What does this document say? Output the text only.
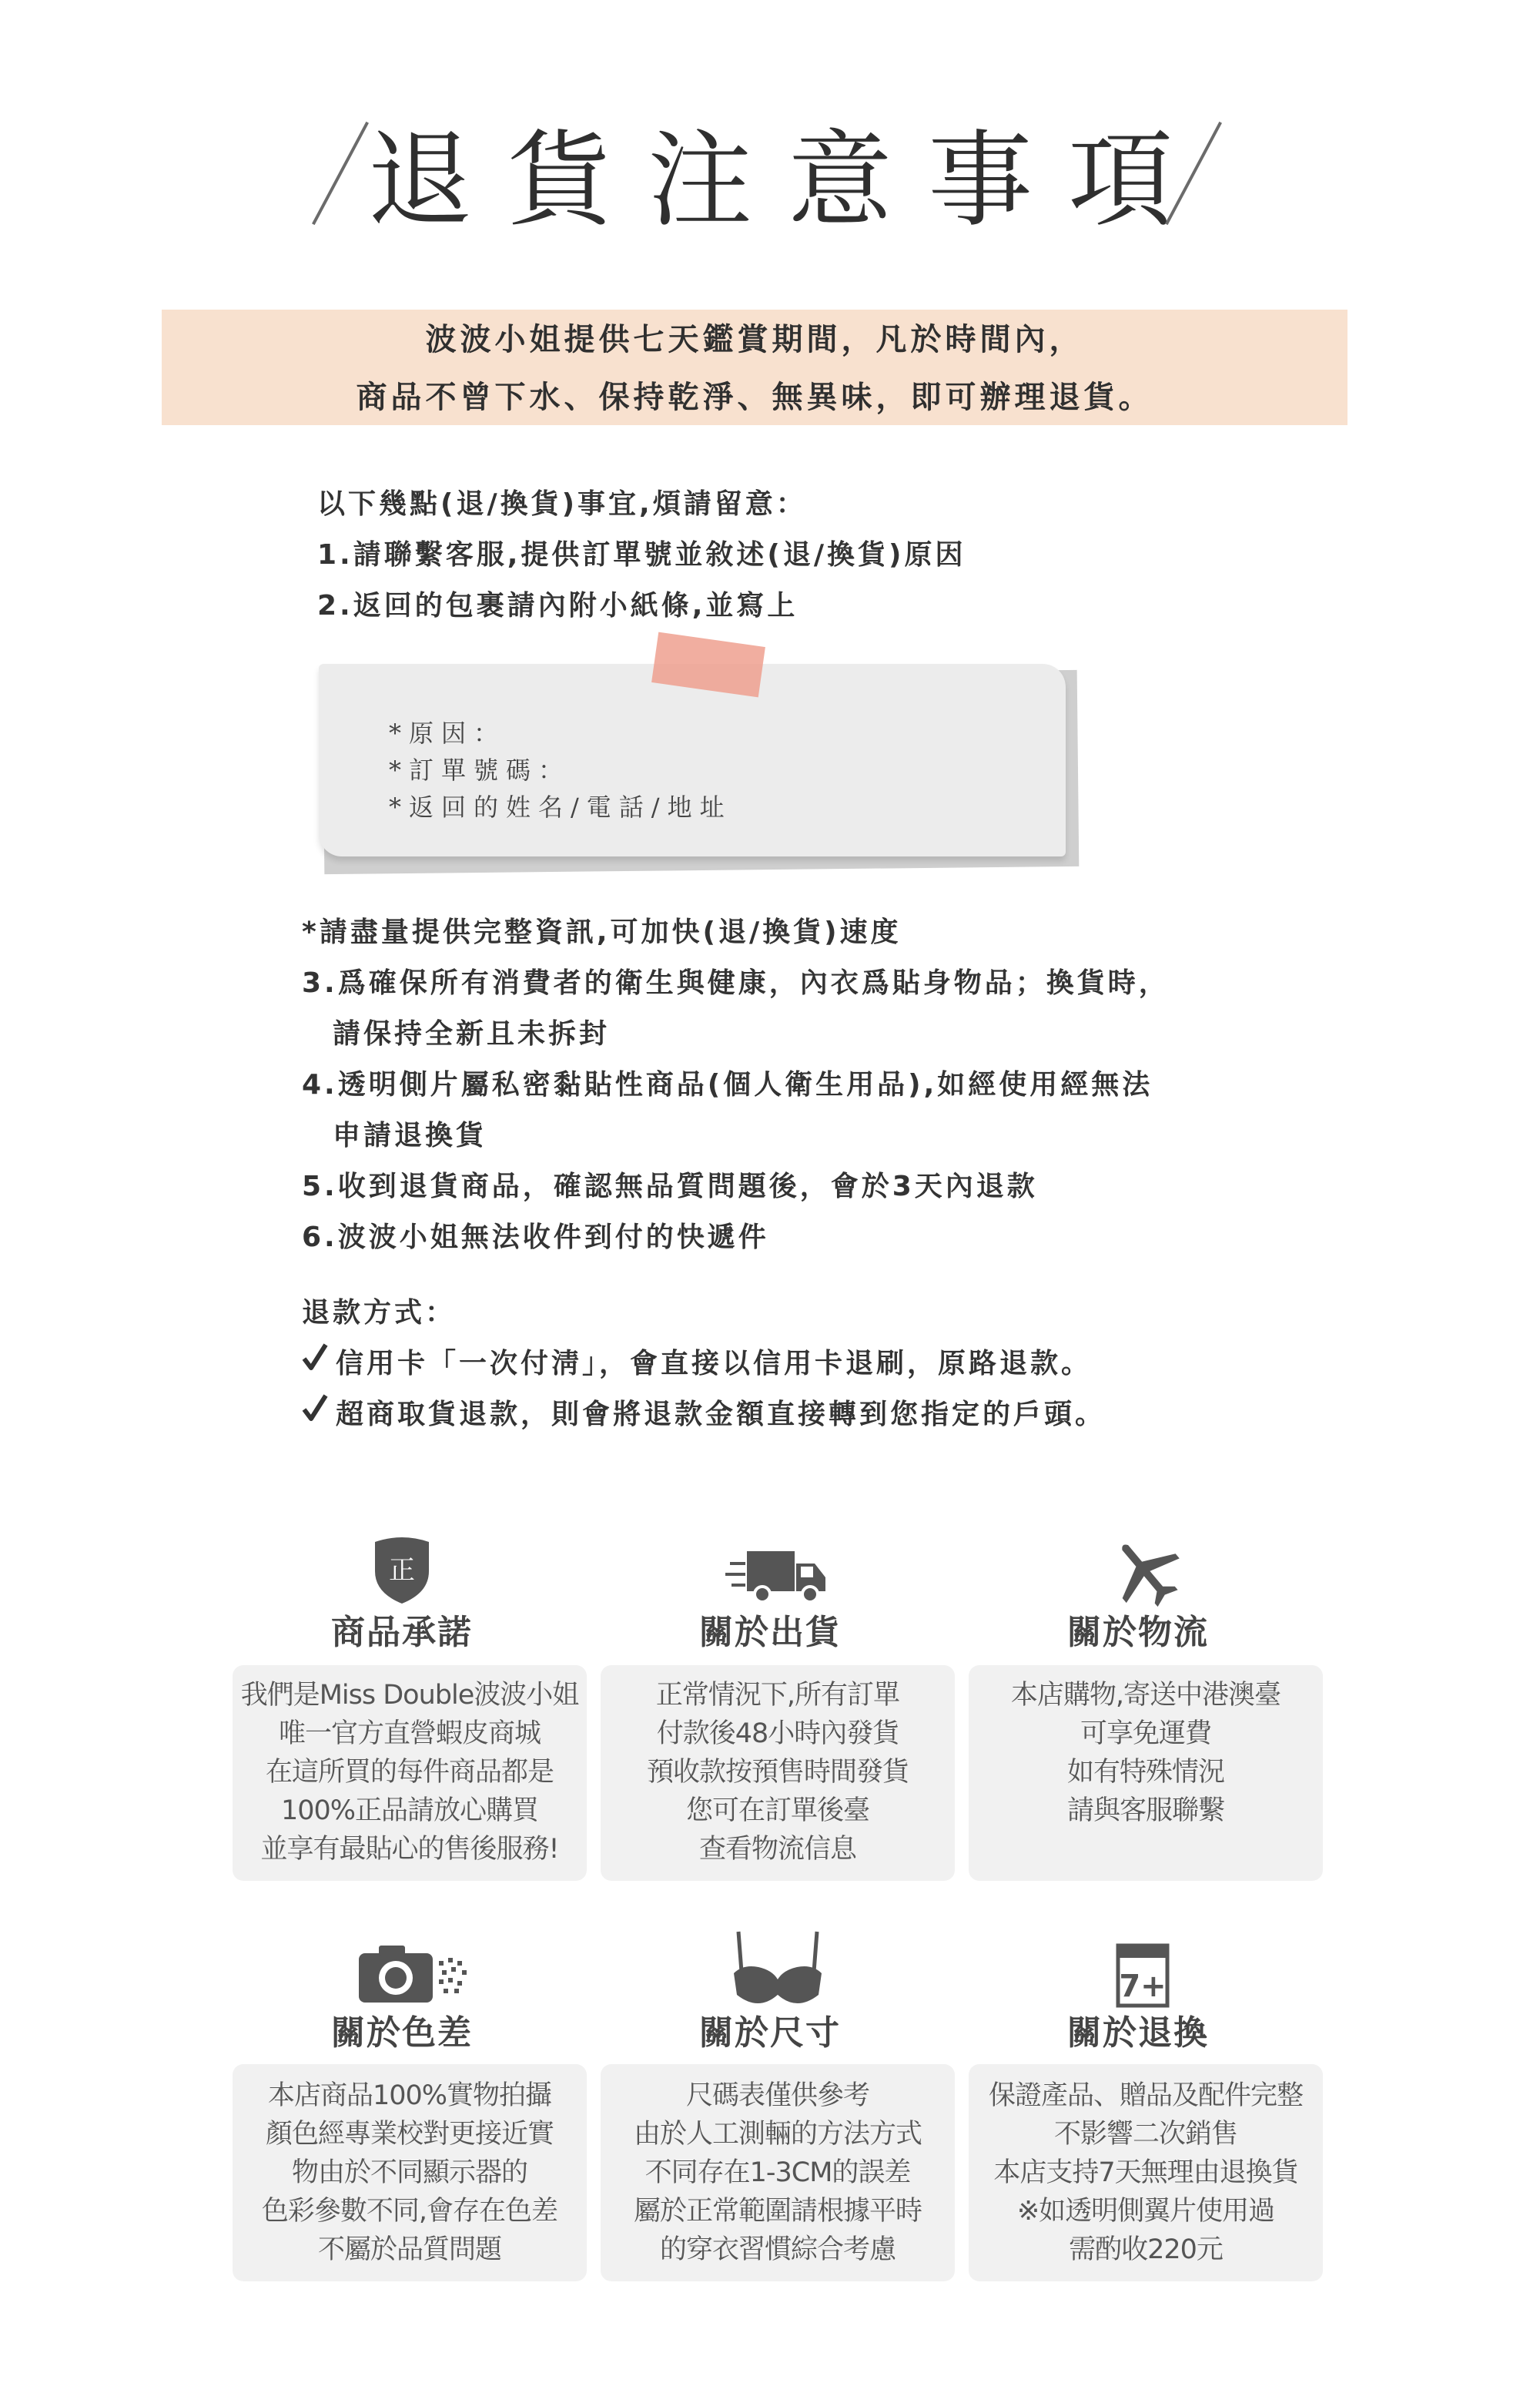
退貨注意事項
波波小姐提供七天鑑賞期間，凡於時間內，
商品不曾下水、保持乾淨、無異味，即可辦理退貨。
以下幾點(退/換貨)事宜,煩請留意：
1.請聯繫客服,提供訂單號並敘述(退/換貨)原因
2.返回的包裹請內附小紙條,並寫上
*原因：
*訂單號碼：
*返回的姓名/電話/地址
*請盡量提供完整資訊,可加快(退/換貨)速度
3.爲確保所有消費者的衛生與健康，內衣爲貼身物品；換貨時，
請保持全新且未拆封
4.透明側片屬私密黏貼性商品(個人衛生用品),如經使用經無法
申請退換貨
5.收到退貨商品，確認無品質問題後，會於3天內退款
6.波波小姐無法收件到付的快遞件
退款方式：
信用卡「一次付淸」，會直接以信用卡退刷，原路退款。
超商取貨退款，則會將退款金額直接轉到您指定的戶頭。
正
商品承諾
我們是Miss Double波波小姐
唯一官方直營蝦皮商城
在這所買的每件商品都是
100%正品請放心購買
並享有最貼心的售後服務!
關於出貨
正常情況下,所有訂單
付款後48小時內發貨
預收款按預售時間發貨
您可在訂單後臺
查看物流信息
關於物流
本店購物,寄送中港澳臺
可享免運費
如有特殊情況
請與客服聯繫
關於色差
本店商品100%實物拍攝
顏色經專業校對更接近實
物由於不同顯示器的
色彩參數不同,會存在色差
不屬於品質問題
關於尺寸
尺碼表僅供參考
由於人工測輛的方法方式
不同存在1-3CM的誤差
屬於正常範圍請根據平時
的穿衣習慣綜合考慮
7+
關於退換
保證產品、贈品及配件完整
不影響二次銷售
本店支持7天無理由退換貨
※如透明側翼片使用過
需酌收220元
